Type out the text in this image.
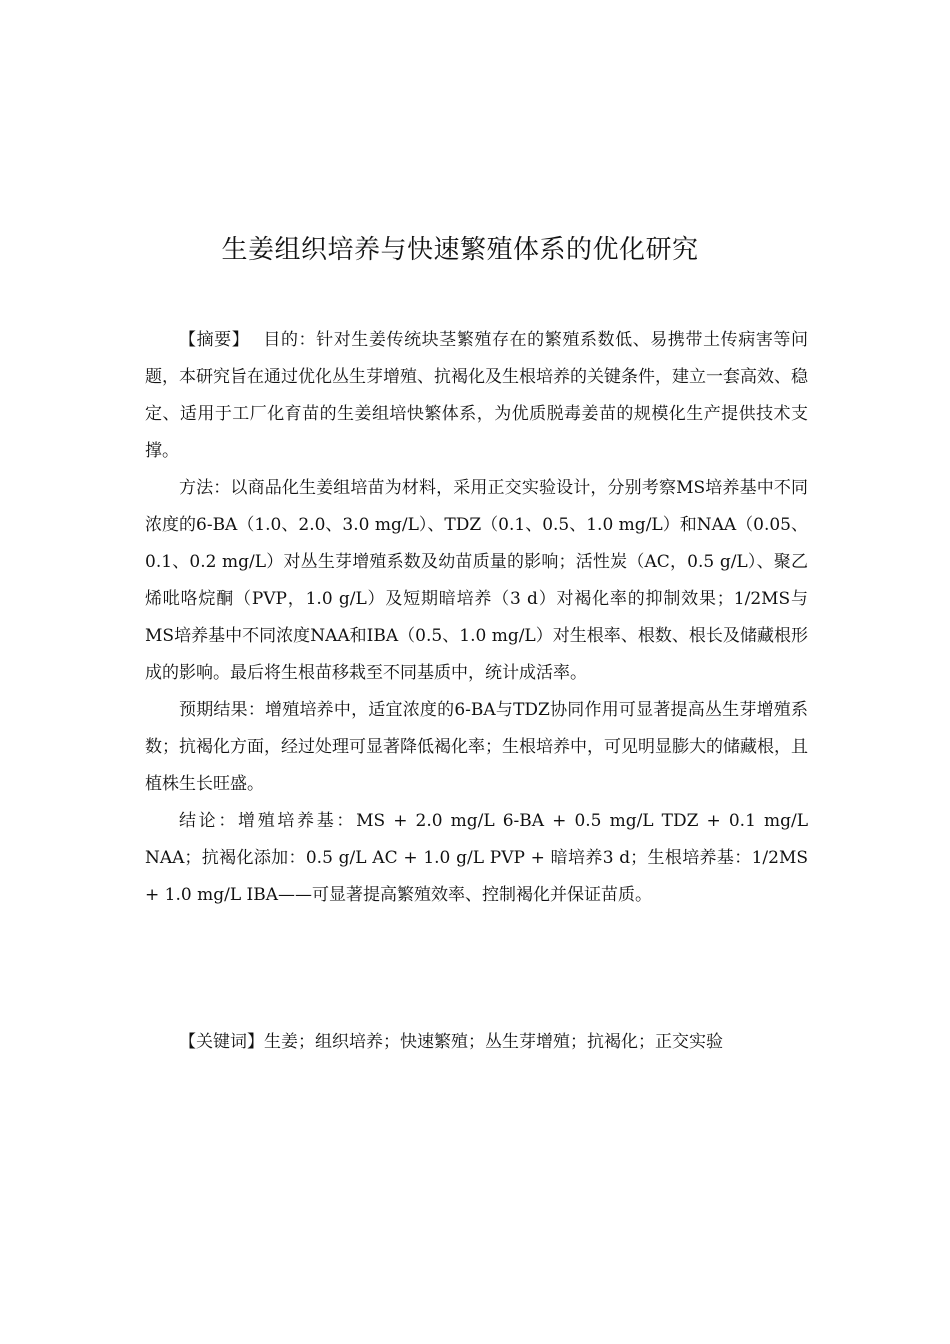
生姜组织培养与快速繁殖体系的优化研究

【摘要】 目的：针对生姜传统块茎繁殖存在的繁殖系数低、易携带土传病害等问题，本研究旨在通过优化丛生芽增殖、抗褐化及生根培养的关键条件，建立一套高效、稳定、适用于工厂化育苗的生姜组培快繁体系，为优质脱毒姜苗的规模化生产提供技术支撑。

方法：以商品化生姜组培苗为材料，采用正交实验设计，分别考察MS培养基中不同浓度的6-BA（1.0、2.0、3.0 mg/L）、TDZ（0.1、0.5、1.0 mg/L）和NAA（0.05、0.1、0.2 mg/L）对丛生芽增殖系数及幼苗质量的影响；活性炭（AC，0.5 g/L）、聚乙烯吡咯烷酮（PVP，1.0 g/L）及短期暗培养（3 d）对褐化率的抑制效果；1/2MS与MS培养基中不同浓度NAA和IBA（0.5、1.0 mg/L）对生根率、根数、根长及储藏根形成的影响。最后将生根苗移栽至不同基质中，统计成活率。

预期结果：增殖培养中，适宜浓度的6-BA与TDZ协同作用可显著提高丛生芽增殖系数；抗褐化方面，经过处理可显著降低褐化率；生根培养中，可见明显膨大的储藏根，且植株生长旺盛。

结论：增殖培养基：MS + 2.0 mg/L 6-BA + 0.5 mg/L TDZ + 0.1 mg/L NAA；抗褐化添加：0.5 g/L AC + 1.0 g/L PVP + 暗培养3 d；生根培养基：1/2MS + 1.0 mg/L IBA——可显著提高繁殖效率、控制褐化并保证苗质。

【关键词】生姜；组织培养；快速繁殖；丛生芽增殖；抗褐化；正交实验
